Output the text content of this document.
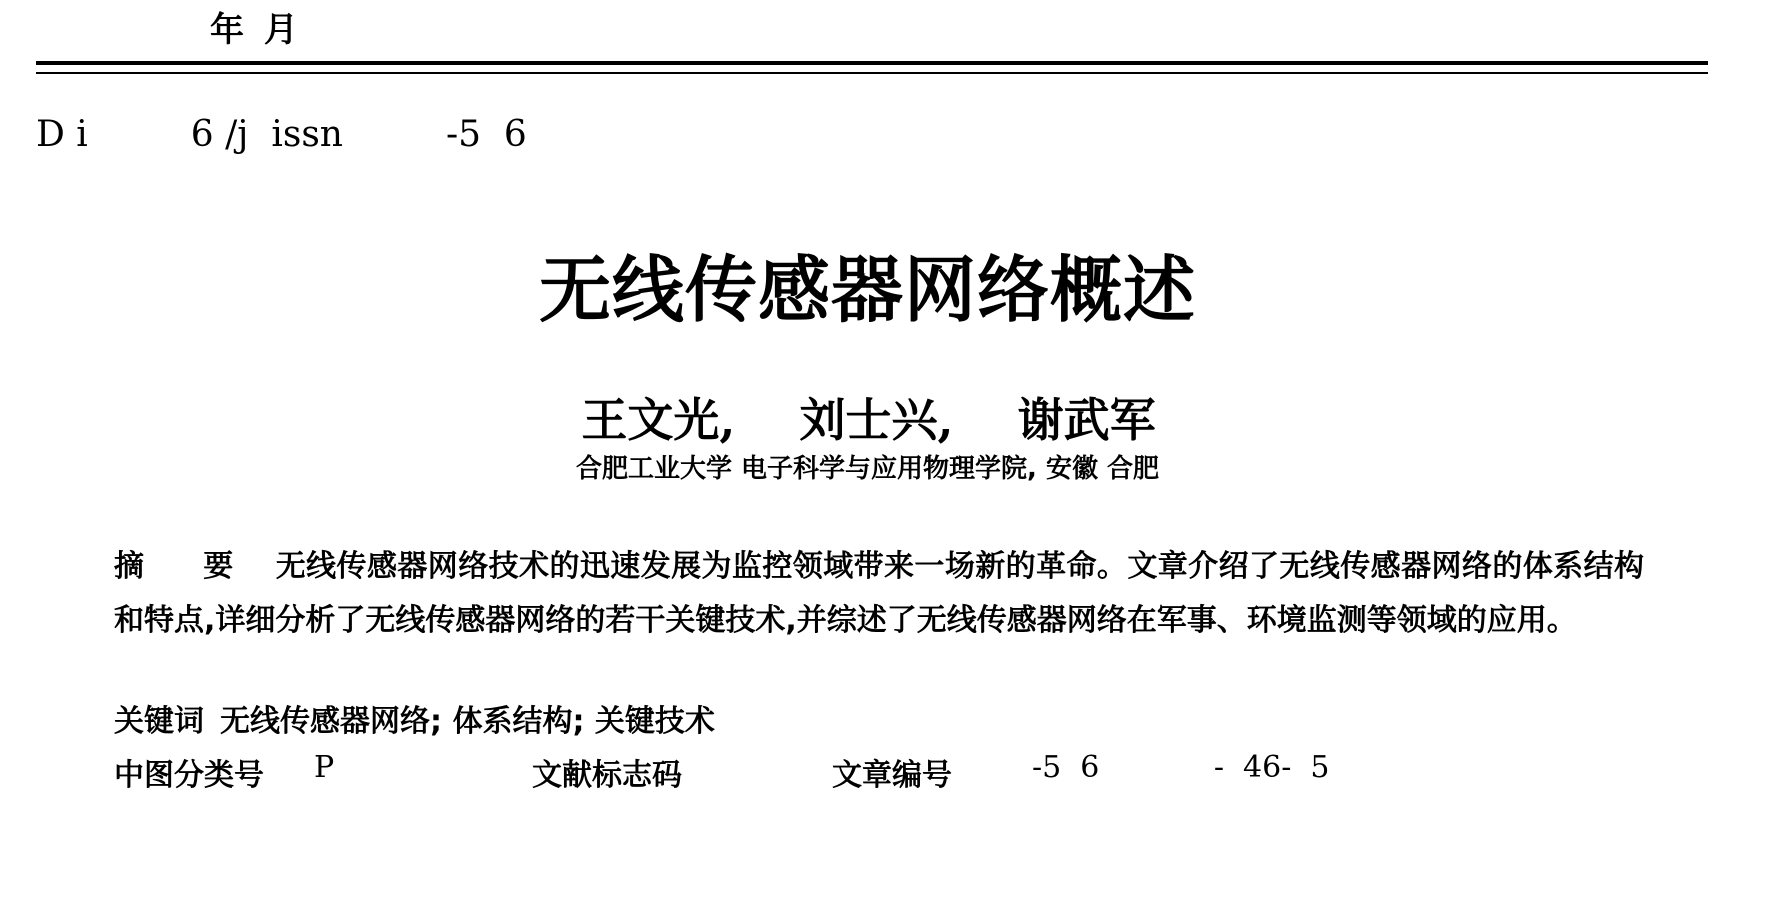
年 月
D i         6 /j  issn         -5  6
无线传感器网络概述
王文光,    刘士兴,    谢武军
合肥工业大学 电子科学与应用物理学院, 安徽 合肥
摘 要 无线传感器网络技术的迅速发展为监控领域带来一场新的革命。文章介绍了无线传感器网络的体系结构和特点,详细分析了无线传感器网络的若干关键技术,并综述了无线传感器网络在军事、环境监测等领域的应用。
关键词 无线传感器网络; 体系结构; 关键技术
中图分类号 P	文献标志码	文章编号	-5  6            -  46-  5
